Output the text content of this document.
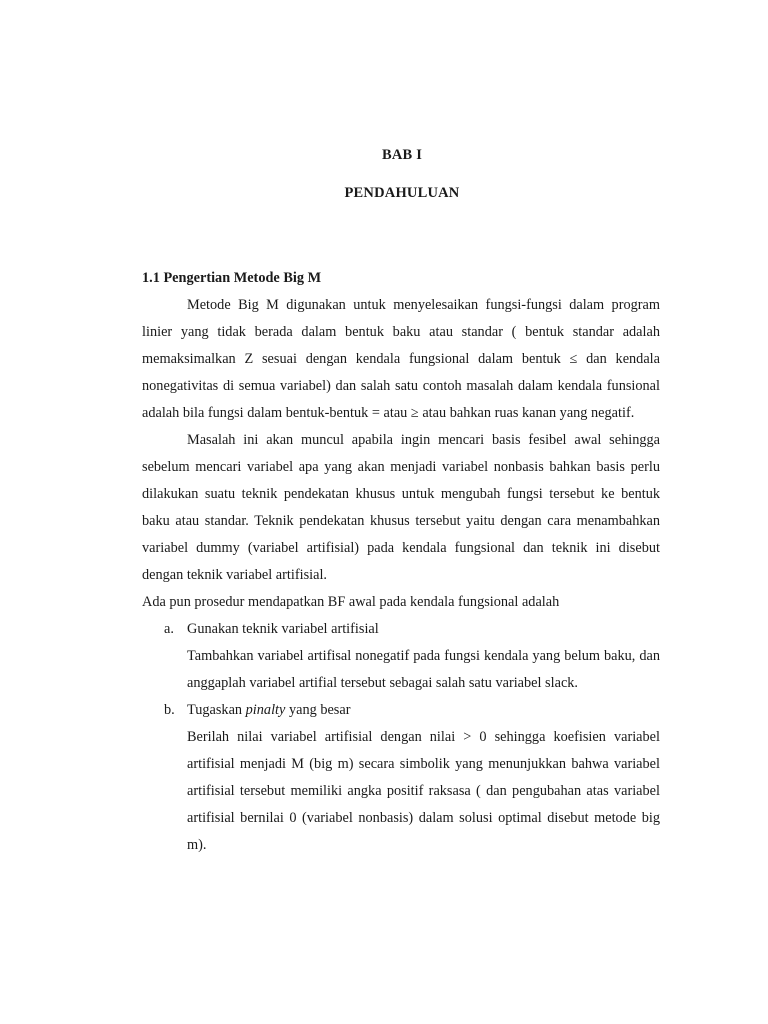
BAB I
PENDAHULUAN

1.1 Pengertian Metode Big M

Metode Big M digunakan untuk menyelesaikan fungsi-fungsi dalam program linier yang tidak berada dalam bentuk baku atau standar ( bentuk standar adalah memaksimalkan Z sesuai dengan kendala fungsional dalam bentuk ≤ dan kendala nonegativitas di semua variabel) dan salah satu contoh masalah dalam kendala funsional adalah bila fungsi dalam bentuk-bentuk = atau ≥ atau bahkan ruas kanan yang negatif.

Masalah ini akan muncul apabila ingin mencari basis fesibel awal sehingga sebelum mencari variabel apa yang akan menjadi variabel nonbasis bahkan basis perlu dilakukan suatu teknik pendekatan khusus untuk mengubah fungsi tersebut ke bentuk baku atau standar. Teknik pendekatan khusus tersebut yaitu dengan cara menambahkan variabel dummy (variabel artifisial) pada kendala fungsional dan teknik ini disebut dengan teknik variabel artifisial.

Ada pun prosedur mendapatkan BF awal pada kendala fungsional adalah

a. Gunakan teknik variabel artifisial

Tambahkan variabel artifisal nonegatif pada fungsi kendala yang belum baku, dan anggaplah variabel artifial tersebut sebagai salah satu variabel slack.

b. Tugaskan pinalty yang besar

Berilah nilai variabel artifisial dengan nilai > 0 sehingga koefisien variabel artifisial menjadi M (big m) secara simbolik yang menunjukkan bahwa variabel artifisial tersebut memiliki angka positif raksasa ( dan pengubahan atas variabel artifisial bernilai 0 (variabel nonbasis) dalam solusi optimal disebut metode big m).
